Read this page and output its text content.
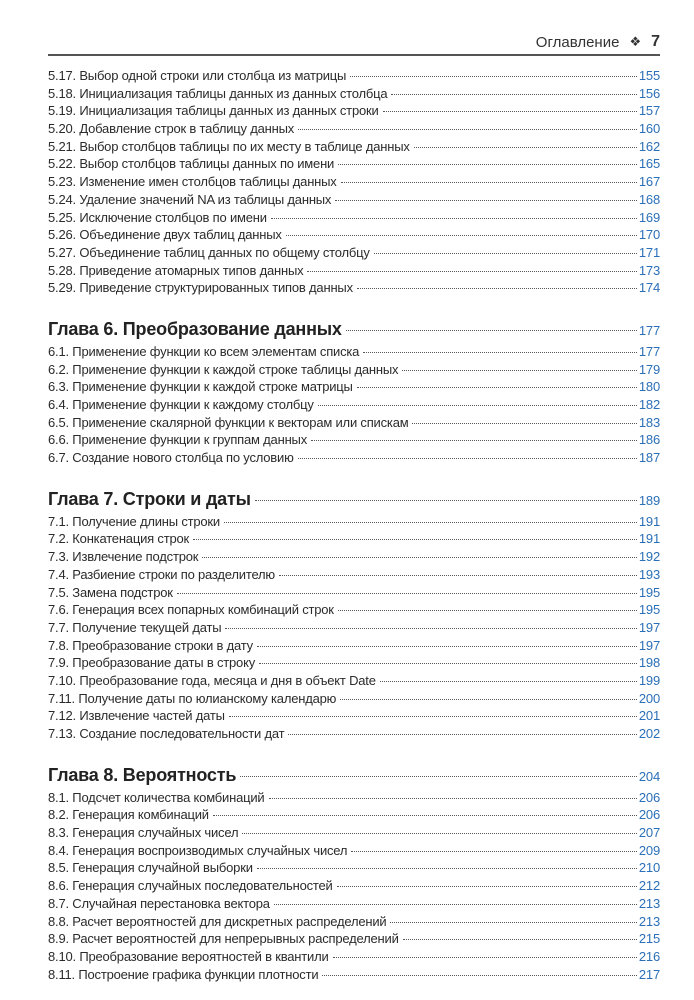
Оглавление ❖ 7
5.17. Выбор одной строки или столбца из матрицы	155
5.18. Инициализация таблицы данных из данных столбца	156
5.19. Инициализация таблицы данных из данных строки	157
5.20. Добавление строк в таблицу данных	160
5.21. Выбор столбцов таблицы по их месту в таблице данных	162
5.22. Выбор столбцов таблицы данных по имени	165
5.23. Изменение имен столбцов таблицы данных	167
5.24. Удаление значений NA из таблицы данных	168
5.25. Исключение столбцов по имени	169
5.26. Объединение двух таблиц данных	170
5.27. Объединение таблиц данных по общему столбцу	171
5.28. Приведение атомарных типов данных	173
5.29. Приведение структурированных типов данных	174
Глава 6. Преобразование данных	177
6.1. Применение функции ко всем элементам списка	177
6.2. Применение функции к каждой строке таблицы данных	179
6.3. Применение функции к каждой строке матрицы	180
6.4. Применение функции к каждому столбцу	182
6.5. Применение скалярной функции к векторам или спискам	183
6.6. Применение функции к группам данных	186
6.7. Создание нового столбца по условию	187
Глава 7. Строки и даты	189
7.1. Получение длины строки	191
7.2. Конкатенация строк	191
7.3. Извлечение подстрок	192
7.4. Разбиение строки по разделителю	193
7.5. Замена подстрок	195
7.6. Генерация всех попарных комбинаций строк	195
7.7. Получение текущей даты	197
7.8. Преобразование строки в дату	197
7.9. Преобразование даты в строку	198
7.10. Преобразование года, месяца и дня в объект Date	199
7.11. Получение даты по юлианскому календарю	200
7.12. Извлечение частей даты	201
7.13. Создание последовательности дат	202
Глава 8. Вероятность	204
8.1. Подсчет количества комбинаций	206
8.2. Генерация комбинаций	206
8.3. Генерация случайных чисел	207
8.4. Генерация воспроизводимых случайных чисел	209
8.5. Генерация случайной выборки	210
8.6. Генерация случайных последовательностей	212
8.7. Случайная перестановка вектора	213
8.8. Расчет вероятностей для дискретных распределений	213
8.9. Расчет вероятностей для непрерывных распределений	215
8.10. Преобразование вероятностей в квантили	216
8.11. Построение графика функции плотности	217
